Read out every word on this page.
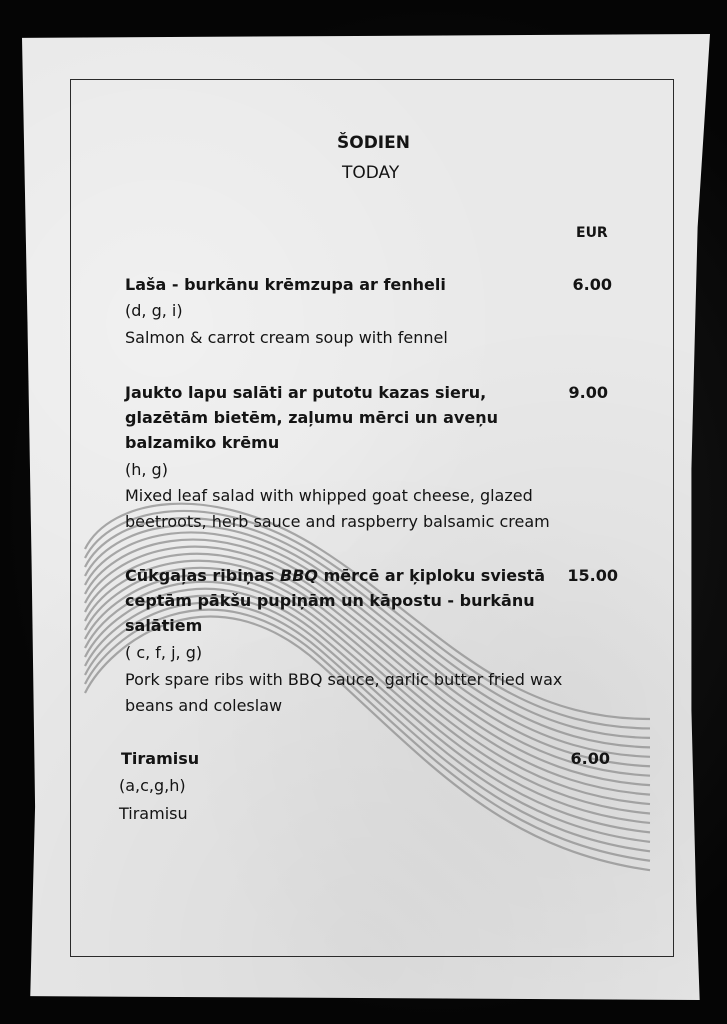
ŠODIEN
TODAY
EUR
Laša - burkānu krēmzupa ar fenheli	6.00
(d, g, i)
Salmon & carrot cream soup with fennel
Jaukto lapu salāti ar putotu kazas sieru,	9.00
glazētām bietēm, zaļumu mērci un aveņu
balzamiko krēmu
(h, g)
Mixed leaf salad with whipped goat cheese, glazed
beetroots, herb sauce and raspberry balsamic cream
Cūkgaļas ribiņas BBQ mērcē ar ķiploku sviestā	15.00
ceptām pākšu pupiņām un kāpostu - burkānu
salātiem
( c, f, j, g)
Pork spare ribs with BBQ sauce, garlic butter fried wax
beans and coleslaw
Tiramisu	6.00
(a,c,g,h)
Tiramisu
